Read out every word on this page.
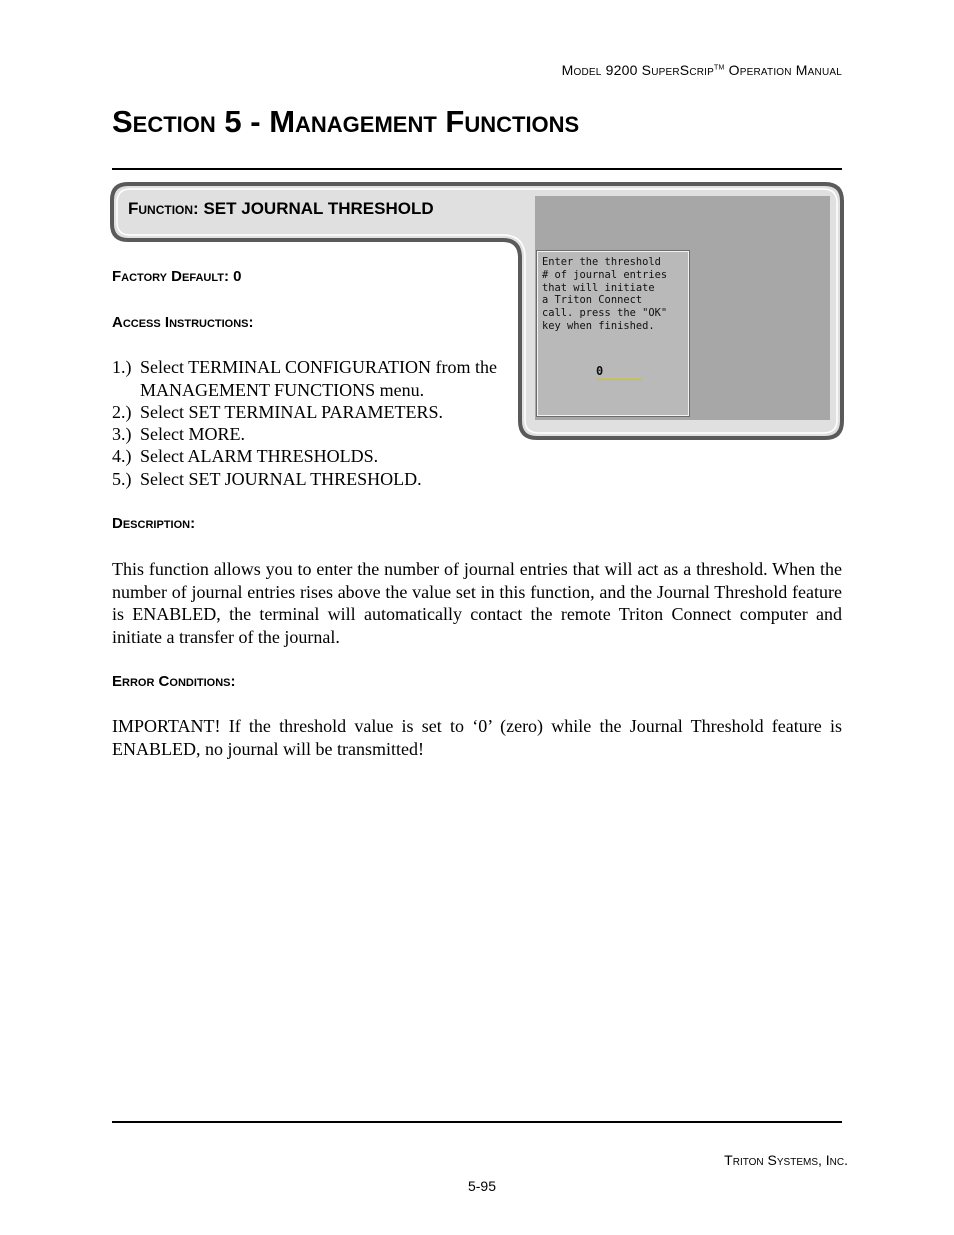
Model 9200 SuperScrip™ Operation Manual
Section 5 - Management Functions
Function: SET JOURNAL THRESHOLD
Enter the threshold
# of journal entries
that will initiate
a Triton Connect
call. press the "OK"
key when finished.
0
Factory Default: 0
Access Instructions:
1.) Select TERMINAL CONFIGURATION from the MANAGEMENT FUNCTIONS menu.
2.) Select SET TERMINAL PARAMETERS.
3.) Select MORE.
4.) Select ALARM THRESHOLDS.
5.) Select SET JOURNAL THRESHOLD.
Description:

This function allows you to enter the number of journal entries that will act as a threshold. When the number of journal entries rises above the value set in this function, and the Journal Threshold feature is ENABLED, the terminal will automatically contact the remote Triton Connect computer and initiate a transfer of the journal.

Error Conditions:

IMPORTANT! If the threshold value is set to ‘0’ (zero) while the Journal Threshold feature is ENABLED, no journal will be transmitted!

Triton Systems, Inc.
5-95
